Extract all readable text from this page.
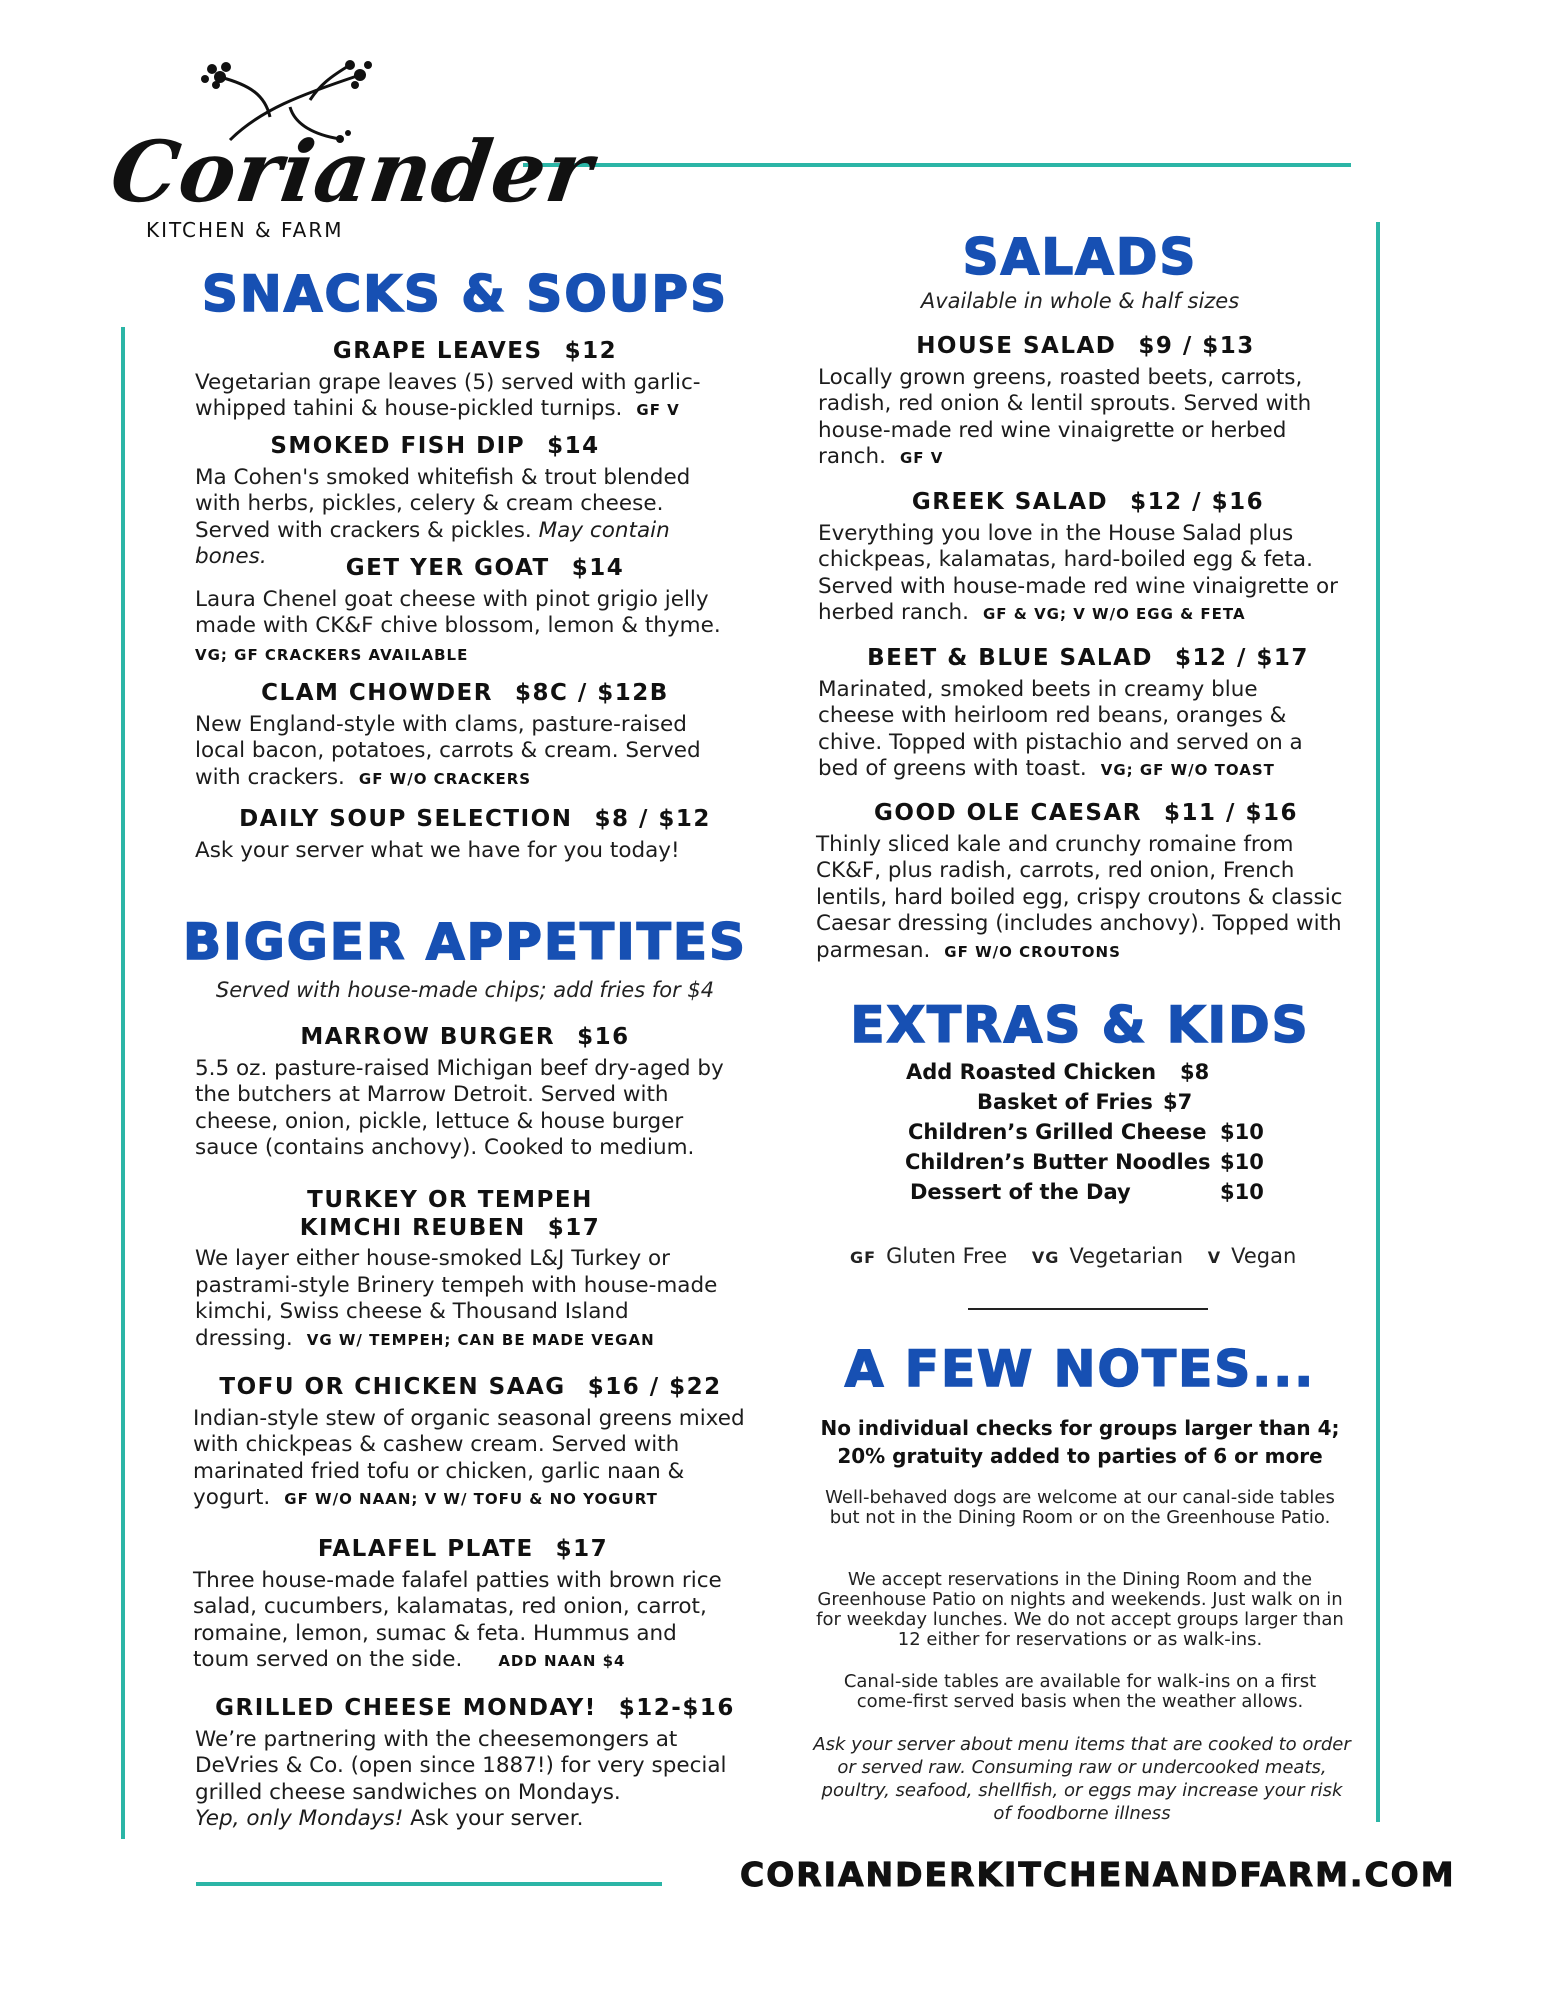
Coriander
KITCHEN & FARM
SNACKS & SOUPS
GRAPE LEAVES $12
Vegetarian grape leaves (5) served with garlic-whipped tahini & house-pickled turnips. GF V
SMOKED FISH DIP $14
Ma Cohen's smoked whitefish & trout blended with herbs, pickles, celery & cream cheese. Served with crackers & pickles. May contain bones.	GET YER GOAT $14
Laura Chenel goat cheese with pinot grigio jelly made with CK&F chive blossom, lemon & thyme.
VG; GF CRACKERS AVAILABLE
CLAM CHOWDER $8C / $12B
New England-style with clams, pasture-raised local bacon, potatoes, carrots & cream. Served with crackers. GF W/O CRACKERS
DAILY SOUP SELECTION $8 / $12
Ask your server what we have for you today!
BIGGER APPETITES
Served with house-made chips; add fries for $4
MARROW BURGER $16
5.5 oz. pasture-raised Michigan beef dry-aged by the butchers at Marrow Detroit. Served with cheese, onion, pickle, lettuce & house burger sauce (contains anchovy). Cooked to medium.
TURKEY OR TEMPEH
KIMCHI REUBEN $17
We layer either house-smoked L&J Turkey or pastrami-style Brinery tempeh with house-made kimchi, Swiss cheese & Thousand Island dressing. VG W/ TEMPEH; CAN BE MADE VEGAN
TOFU OR CHICKEN SAAG $16 / $22
Indian-style stew of organic seasonal greens mixed with chickpeas & cashew cream. Served with marinated fried tofu or chicken, garlic naan & yogurt. GF W/O NAAN; V W/ TOFU & NO YOGURT
FALAFEL PLATE $17
Three house-made falafel patties with brown rice salad, cucumbers, kalamatas, red onion, carrot, romaine, lemon, sumac & feta. Hummus and toum served on the side. ADD NAAN $4
GRILLED CHEESE MONDAY! $12-$16
We’re partnering with the cheesemongers at DeVries & Co. (open since 1887!) for very special grilled cheese sandwiches on Mondays.
Yep, only Mondays! Ask your server.
SALADS
Available in whole & half sizes
HOUSE SALAD $9 / $13
Locally grown greens, roasted beets, carrots, radish, red onion & lentil sprouts. Served with house-made red wine vinaigrette or herbed ranch. GF V
GREEK SALAD $12 / $16
Everything you love in the House Salad plus chickpeas, kalamatas, hard-boiled egg & feta. Served with house-made red wine vinaigrette or herbed ranch. GF & VG; V W/O EGG & FETA
BEET & BLUE SALAD $12 / $17
Marinated, smoked beets in creamy blue cheese with heirloom red beans, oranges & chive. Topped with pistachio and served on a bed of greens with toast. VG; GF W/O TOAST
GOOD OLE CAESAR $11 / $16
Thinly sliced kale and crunchy romaine from CK&F, plus radish, carrots, red onion, French lentils, hard boiled egg, crispy croutons & classic Caesar dressing (includes anchovy). Topped with parmesan. GF W/O CROUTONS
EXTRAS & KIDS
Add Roasted Chicken $8
Basket of Fries $7
Children’s Grilled Cheese $10
Children’s Butter Noodles $10
Dessert of the Day	$10
GF Gluten Free VG Vegetarian V Vegan
A FEW NOTES...
No individual checks for groups larger than 4;
20% gratuity added to parties of 6 or more
Well-behaved dogs are welcome at our canal-side tables but not in the Dining Room or on the Greenhouse Patio.
We accept reservations in the Dining Room and the Greenhouse Patio on nights and weekends. Just walk on in for weekday lunches. We do not accept groups larger than 12 either for reservations or as walk-ins.
Canal-side tables are available for walk-ins on a first come-first served basis when the weather allows.
Ask your server about menu items that are cooked to order or served raw. Consuming raw or undercooked meats, poultry, seafood, shellfish, or eggs may increase your risk of foodborne illness
CORIANDERKITCHENANDFARM.COM
